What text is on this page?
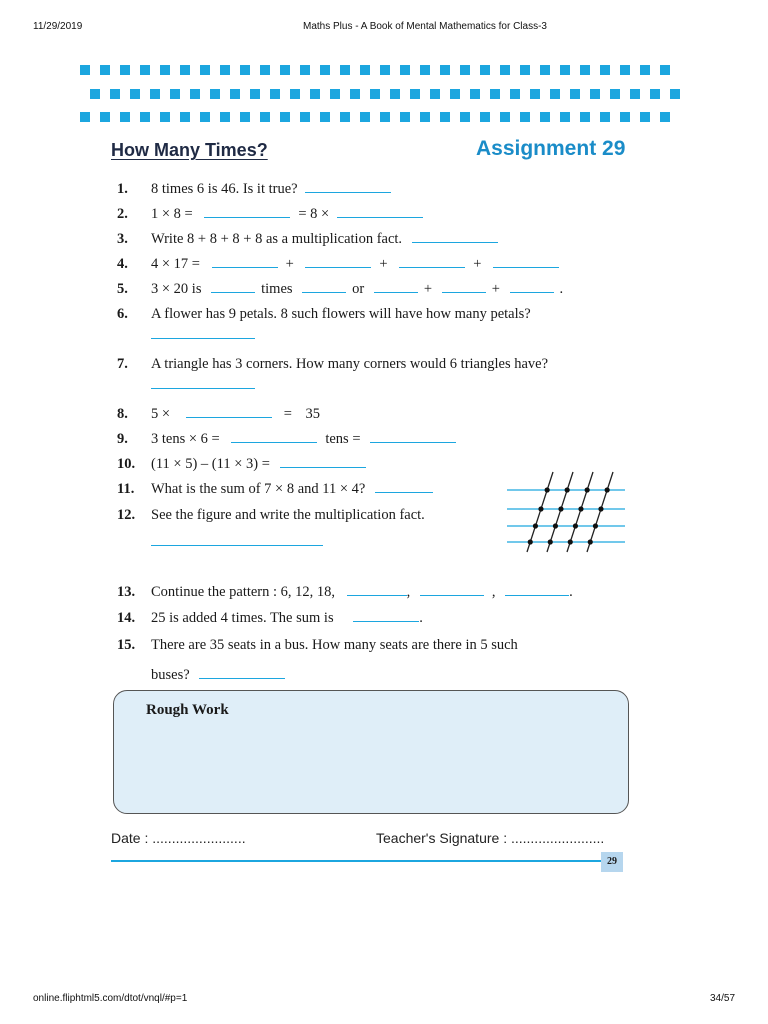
11/29/2019	Maths Plus - A Book of Mental Mathematics for Class-3
How Many Times?	Assignment 29
1. 8 times 6 is 46. Is it true?
2. 1 × 8 =	= 8 ×
3. Write 8 + 8 + 8 + 8 as a multiplication fact.
4. 4 × 17 =	+	+	+
5. 3 × 20 is	times	or	+	+	.
6. A flower has 9 petals. 8 such flowers will have how many petals?
7. A triangle has 3 corners. How many corners would 6 triangles have?
8. 5 ×	= 35
9. 3 tens × 6 =	tens =
10. (11 × 5) – (11 × 3) =
11. What is the sum of 7 × 8 and 11 × 4?
12. See the figure and write the multiplication fact.
13. Continue the pattern : 6, 12, 18,	,	,	.
14. 25 is added 4 times. The sum is	.
15. There are 35 seats in a bus. How many seats are there in 5 such
buses?
Rough Work
Date : ........................	Teacher's Signature : ........................
29
online.fliphtml5.com/dtot/vnql/#p=1	34/57
